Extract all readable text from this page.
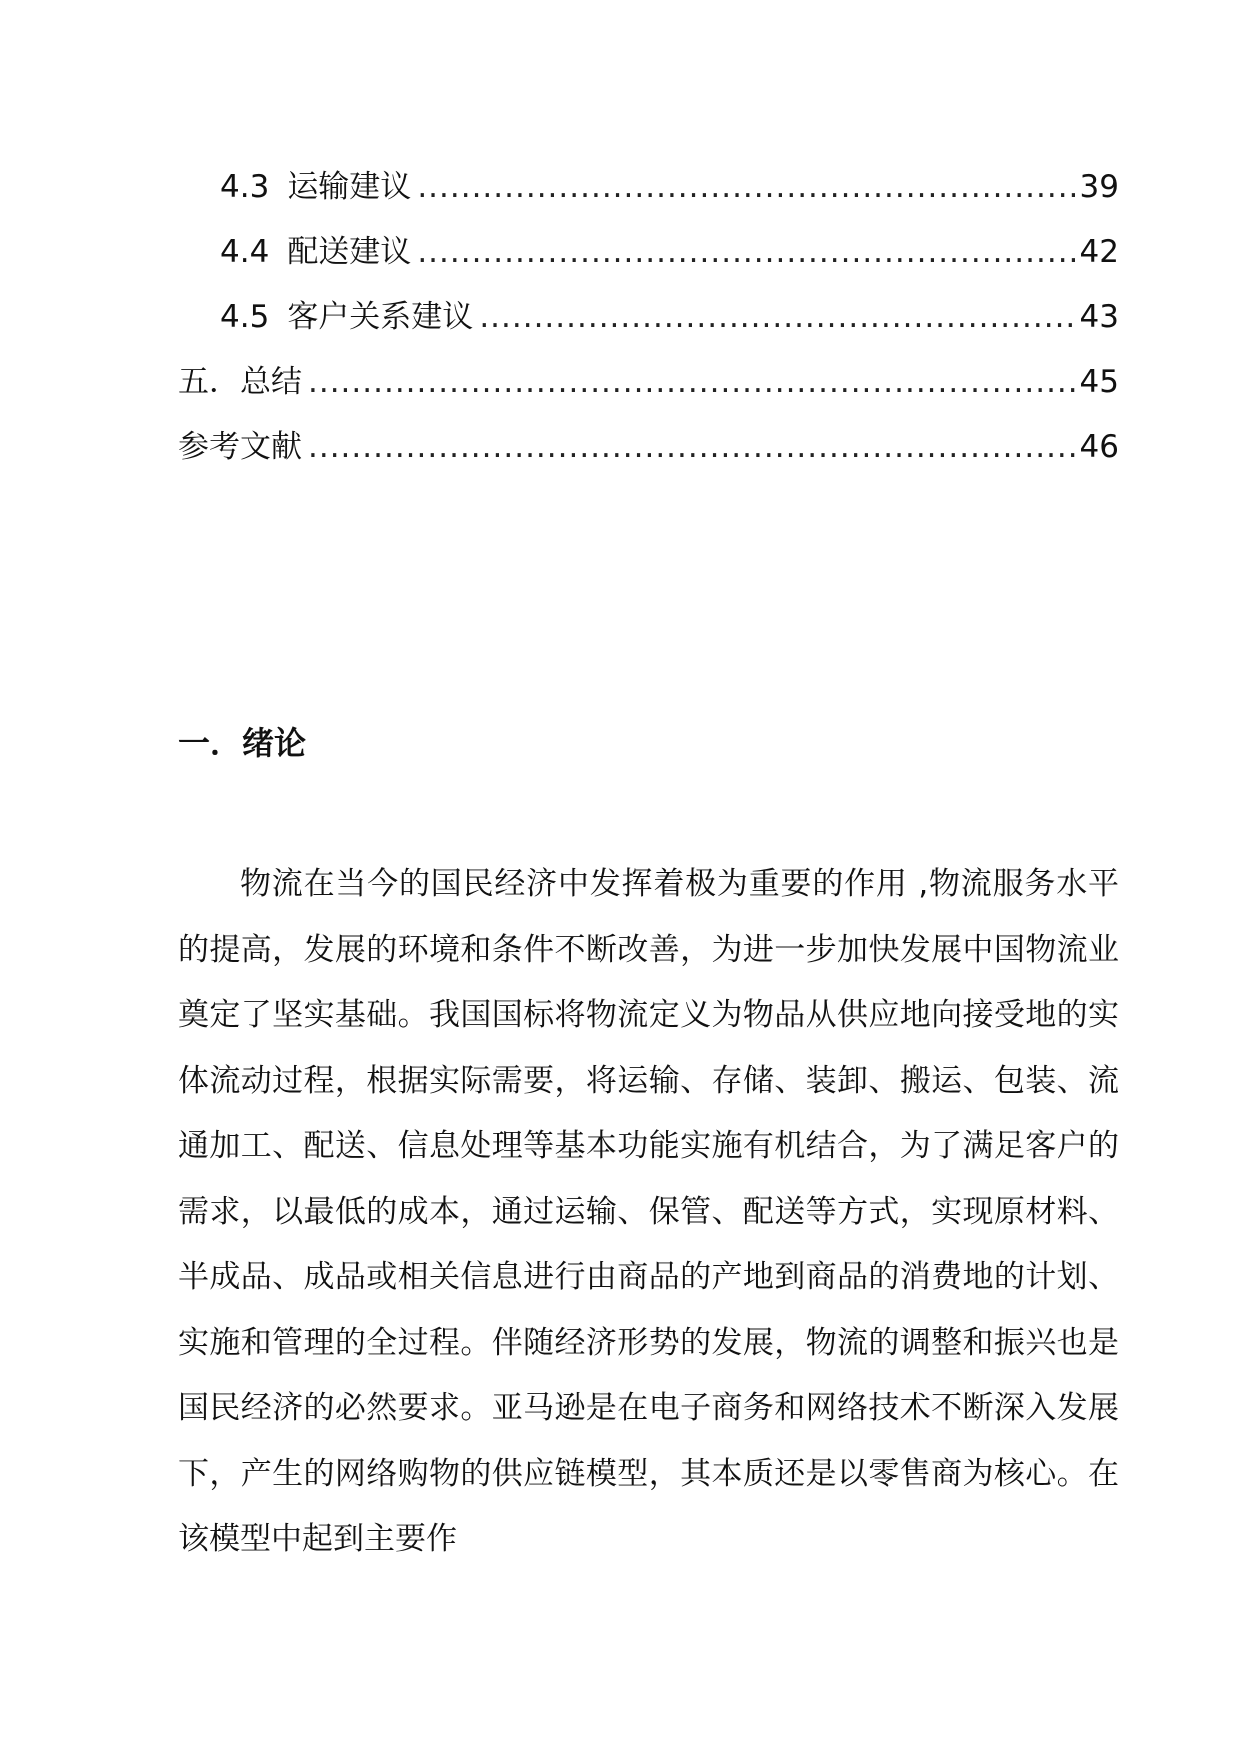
4.3 运输建议 .....	39
4.4 配送建议 .....	42
4.5 客户关系建议 .....	43
五．总结 .....	45
参考文献 .....	46
一．绪论

物流在当今的国民经济中发挥着极为重要的作用 ,物流服务水平的提高，发展的环境和条件不断改善，为进一步加快发展中国物流业奠定了坚实基础。我国国标将物流定义为物品从供应地向接受地的实体流动过程，根据实际需要，将运输、存储、装卸、搬运、包装、流通加工、配送、信息处理等基本功能实施有机结合，为了满足客户的需求，以最低的成本，通过运输、保管、配送等方式，实现原材料、半成品、成品或相关信息进行由商品的产地到商品的消费地的计划、实施和管理的全过程。伴随经济形势的发展，物流的调整和振兴也是国民经济的必然要求。亚马逊是在电子商务和网络技术不断深入发展下，产生的网络购物的供应链模型，其本质还是以零售商为核心。在该模型中起到主要作
